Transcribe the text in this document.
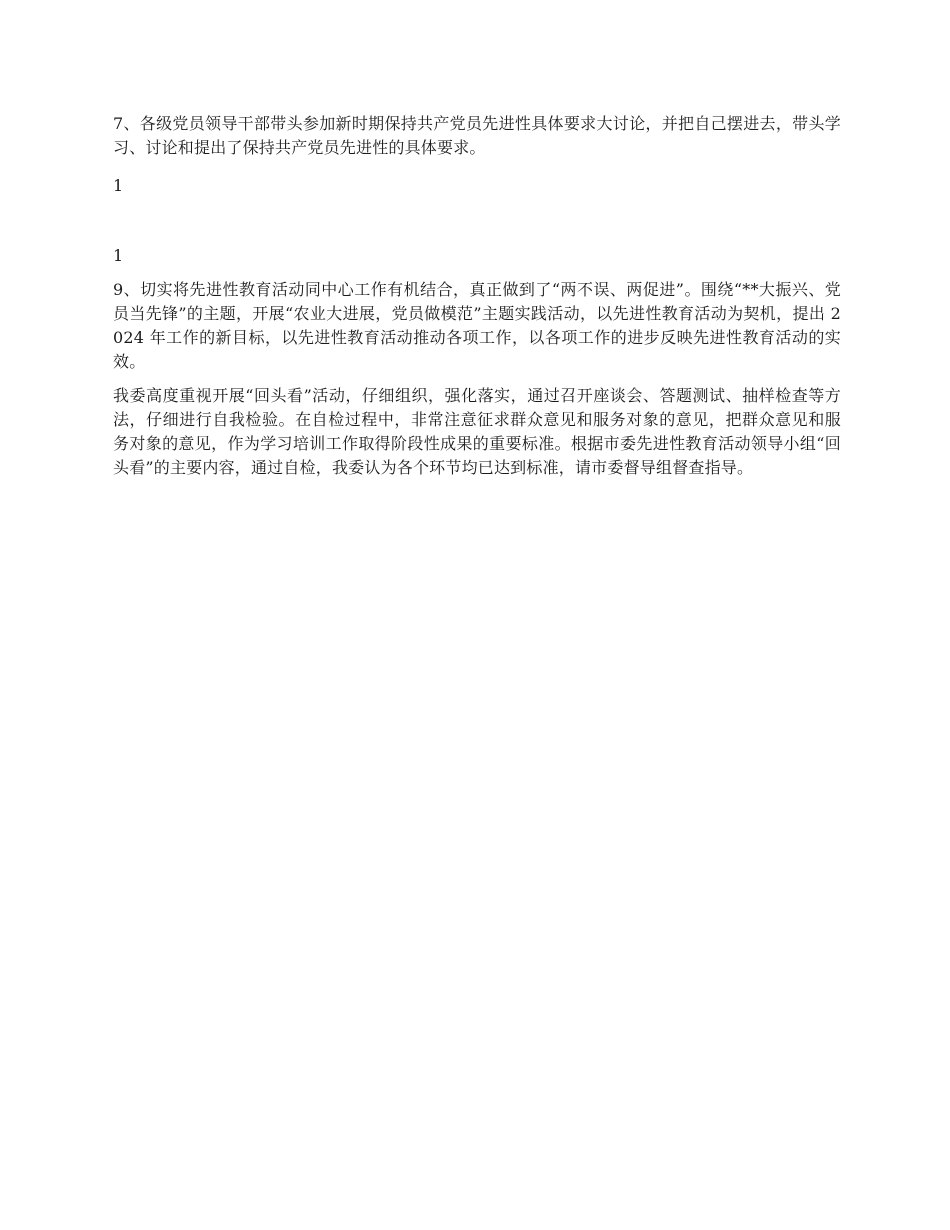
7、各级党员领导干部带头参加新时期保持共产党员先进性具体要求大讨论，并把自己摆进去，带头学习、讨论和提出了保持共产党员先进性的具体要求。

1

1

9、切实将先进性教育活动同中心工作有机结合，真正做到了“两不误、两促进”。围绕“**大振兴、党员当先锋”的主题，开展“农业大进展，党员做模范”主题实践活动，以先进性教育活动为契机，提出 2024 年工作的新目标，以先进性教育活动推动各项工作，以各项工作的进步反映先进性教育活动的实效。

我委高度重视开展“回头看”活动，仔细组织，强化落实，通过召开座谈会、答题测试、抽样检查等方法，仔细进行自我检验。在自检过程中，非常注意征求群众意见和服务对象的意见，把群众意见和服务对象的意见，作为学习培训工作取得阶段性成果的重要标准。根据市委先进性教育活动领导小组“回头看”的主要内容，通过自检，我委认为各个环节均已达到标准，请市委督导组督查指导。
